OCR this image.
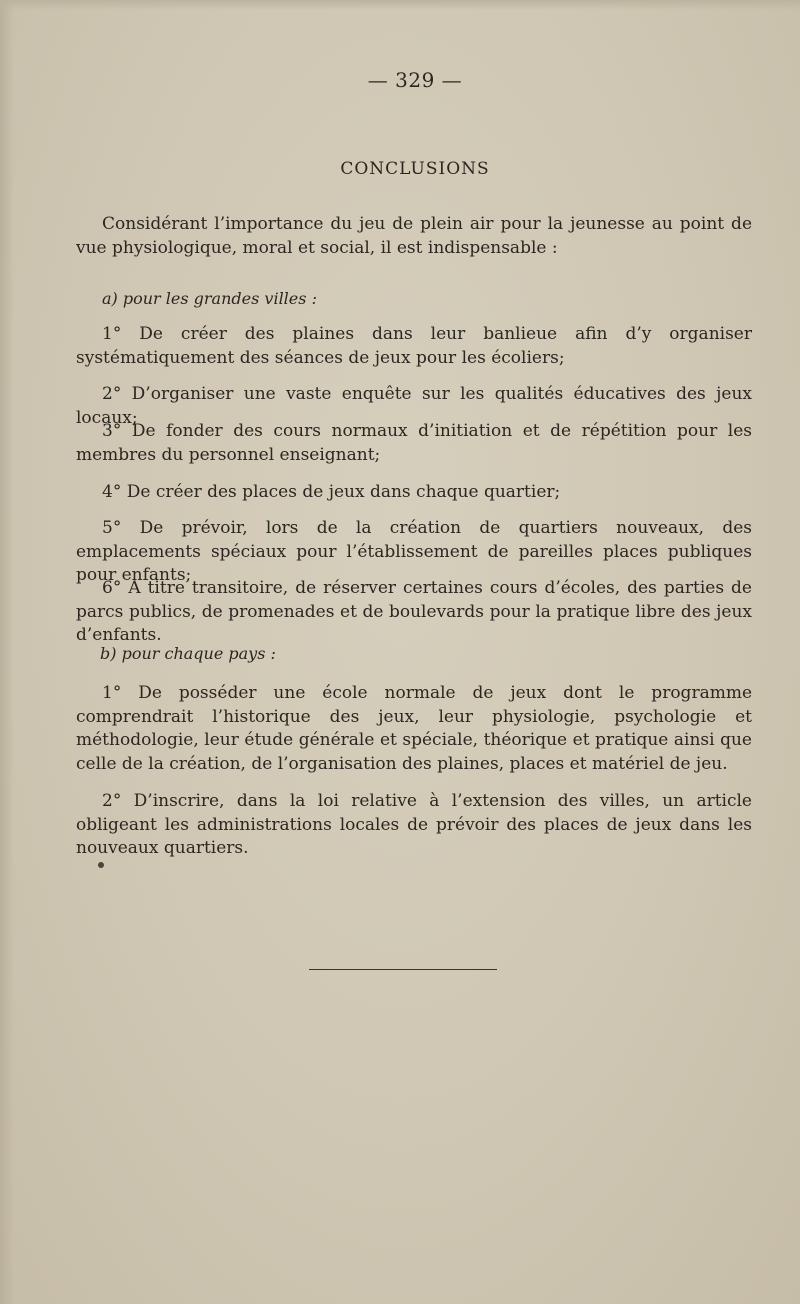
— 329 —
CONCLUSIONS

Considérant l’importance du jeu de plein air pour la jeunesse au point de vue physiologique, moral et social, il est indispensable :

a) pour les grandes villes :

1° De créer des plaines dans leur banlieue afin d’y organiser systématiquement des séances de jeux pour les écoliers;

2° D’organiser une vaste enquête sur les qualités éducatives des jeux locaux;

3° De fonder des cours normaux d’initiation et de répétition pour les membres du personnel enseignant;

4° De créer des places de jeux dans chaque quartier;

5° De prévoir, lors de la création de quartiers nouveaux, des emplacements spéciaux pour l’établissement de pareilles places publiques pour enfants;

6° A titre transitoire, de réserver certaines cours d’écoles, des parties de parcs publics, de promenades et de boulevards pour la pratique libre des jeux d’enfants.

b) pour chaque pays :

1° De posséder une école normale de jeux dont le programme comprendrait l’historique des jeux, leur physiologie, psychologie et méthodologie, leur étude générale et spéciale, théorique et pratique ainsi que celle de la création, de l’organisation des plaines, places et matériel de jeu.

2° D’inscrire, dans la loi relative à l’extension des villes, un article obligeant les administrations locales de prévoir des places de jeux dans les nouveaux quartiers.
